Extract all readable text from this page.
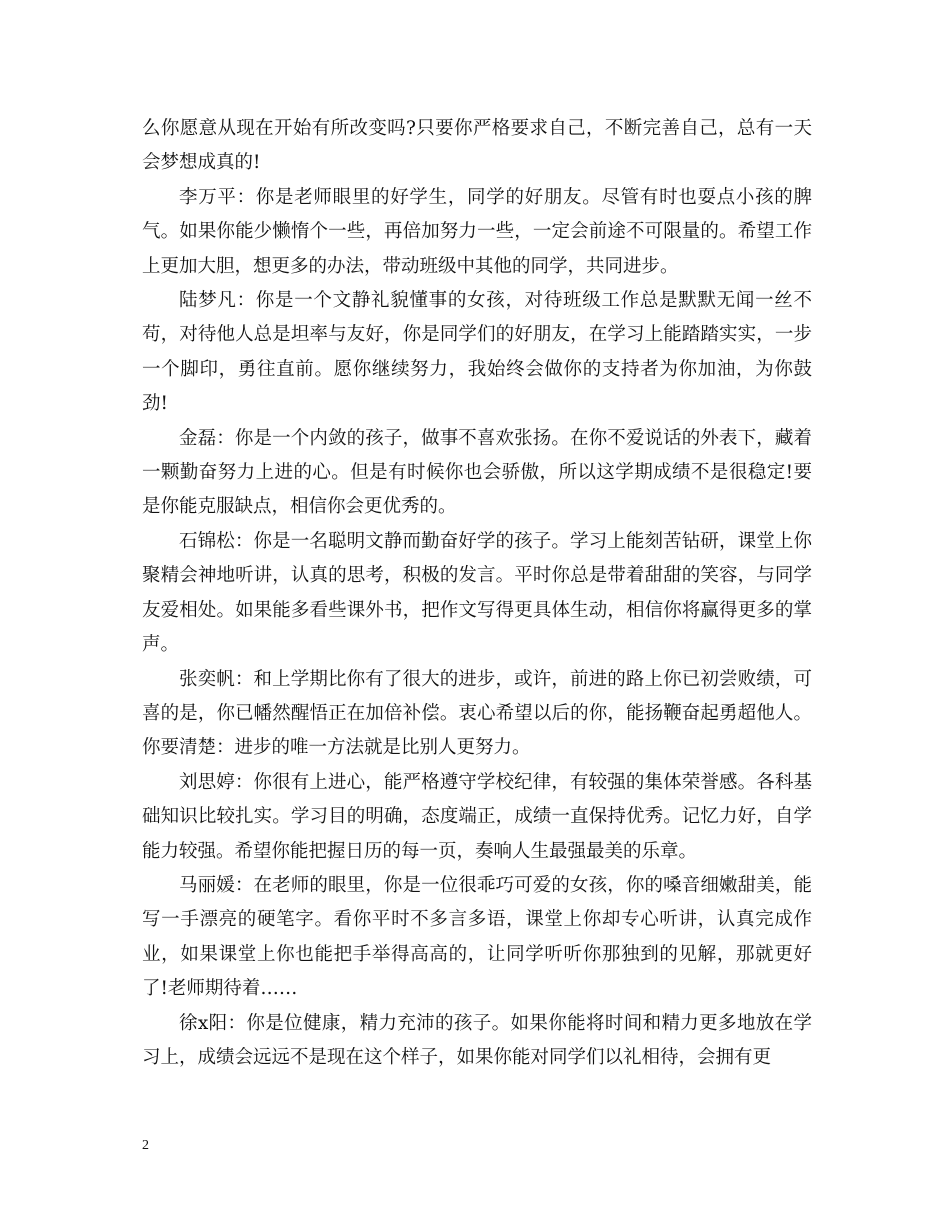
么你愿意从现在开始有所改变吗?只要你严格要求自己，不断完善自己，总有一天会梦想成真的!

李万平：你是老师眼里的好学生，同学的好朋友。尽管有时也耍点小孩的脾气。如果你能少懒惰个一些，再倍加努力一些，一定会前途不可限量的。希望工作上更加大胆，想更多的办法，带动班级中其他的同学，共同进步。

陆梦凡：你是一个文静礼貌懂事的女孩，对待班级工作总是默默无闻一丝不苟，对待他人总是坦率与友好，你是同学们的好朋友，在学习上能踏踏实实，一步一个脚印，勇往直前。愿你继续努力，我始终会做你的支持者为你加油，为你鼓劲!

金磊：你是一个内敛的孩子，做事不喜欢张扬。在你不爱说话的外表下，藏着一颗勤奋努力上进的心。但是有时候你也会骄傲，所以这学期成绩不是很稳定!要是你能克服缺点，相信你会更优秀的。

石锦松：你是一名聪明文静而勤奋好学的孩子。学习上能刻苦钻研，课堂上你聚精会神地听讲，认真的思考，积极的发言。平时你总是带着甜甜的笑容，与同学友爱相处。如果能多看些课外书，把作文写得更具体生动，相信你将赢得更多的掌声。

张奕帆：和上学期比你有了很大的进步，或许，前进的路上你已初尝败绩，可喜的是，你已幡然醒悟正在加倍补偿。衷心希望以后的你，能扬鞭奋起勇超他人。你要清楚：进步的唯一方法就是比别人更努力。

刘思婷：你很有上进心，能严格遵守学校纪律，有较强的集体荣誉感。各科基础知识比较扎实。学习目的明确，态度端正，成绩一直保持优秀。记忆力好，自学能力较强。希望你能把握日历的每一页，奏响人生最强最美的乐章。

马丽媛：在老师的眼里，你是一位很乖巧可爱的女孩，你的嗓音细嫩甜美，能写一手漂亮的硬笔字。看你平时不多言多语，课堂上你却专心听讲，认真完成作业，如果课堂上你也能把手举得高高的，让同学听听你那独到的见解，那就更好了!老师期待着……

徐x阳：你是位健康，精力充沛的孩子。如果你能将时间和精力更多地放在学习上，成绩会远远不是现在这个样子，如果你能对同学们以礼相待，会拥有更

2
